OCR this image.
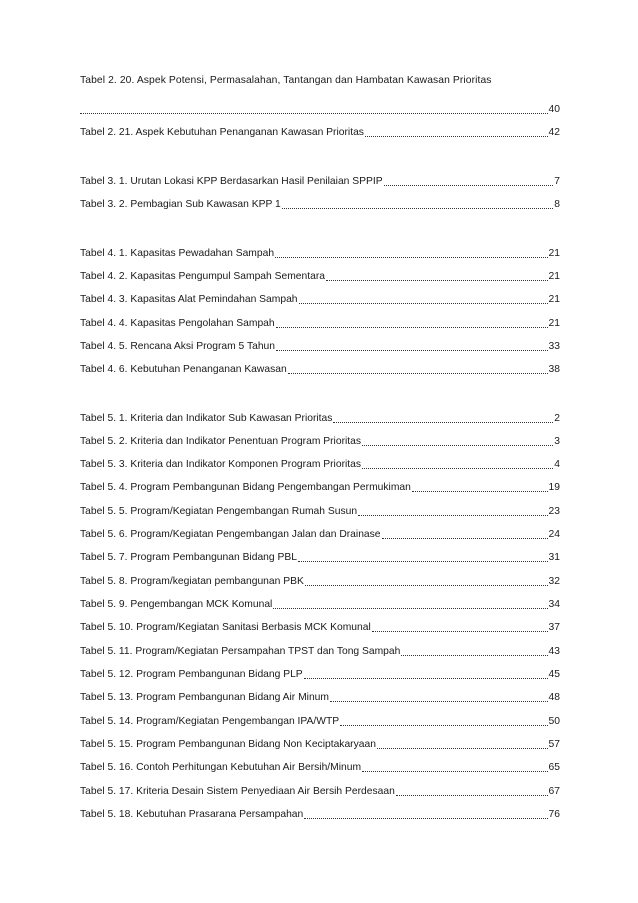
Tabel 2. 20. Aspek Potensi, Permasalahan, Tantangan dan Hambatan Kawasan Prioritas
40
Tabel 2. 21. Aspek Kebutuhan Penanganan Kawasan Prioritas	42
Tabel 3. 1. Urutan Lokasi KPP Berdasarkan Hasil Penilaian SPPIP	7
Tabel 3. 2. Pembagian Sub Kawasan KPP 1	8
Tabel 4. 1. Kapasitas Pewadahan Sampah	21
Tabel 4. 2. Kapasitas Pengumpul Sampah Sementara	21
Tabel 4. 3. Kapasitas Alat Pemindahan Sampah	21
Tabel 4. 4. Kapasitas Pengolahan Sampah	21
Tabel 4. 5. Rencana Aksi Program 5 Tahun	33
Tabel 4. 6. Kebutuhan Penanganan Kawasan	38
Tabel 5. 1. Kriteria dan Indikator Sub Kawasan Prioritas	2
Tabel 5. 2. Kriteria dan Indikator Penentuan Program Prioritas	3
Tabel 5. 3. Kriteria dan Indikator Komponen Program Prioritas	4
Tabel 5. 4. Program Pembangunan Bidang Pengembangan Permukiman	19
Tabel 5. 5. Program/Kegiatan Pengembangan Rumah Susun	23
Tabel 5. 6. Program/Kegiatan Pengembangan Jalan dan Drainase	24
Tabel 5. 7. Program Pembangunan Bidang PBL	31
Tabel 5. 8. Program/kegiatan pembangunan PBK	32
Tabel 5. 9. Pengembangan MCK Komunal	34
Tabel 5. 10. Program/Kegiatan Sanitasi Berbasis MCK Komunal	37
Tabel 5. 11. Program/Kegiatan Persampahan TPST dan Tong Sampah	43
Tabel 5. 12. Program Pembangunan Bidang PLP	45
Tabel 5. 13. Program Pembangunan Bidang Air Minum	48
Tabel 5. 14. Program/Kegiatan Pengembangan IPA/WTP	50
Tabel 5. 15. Program Pembangunan Bidang Non Keciptakaryaan	57
Tabel 5. 16. Contoh Perhitungan Kebutuhan Air Bersih/Minum	65
Tabel 5. 17. Kriteria Desain Sistem Penyediaan Air Bersih Perdesaan	67
Tabel 5. 18. Kebutuhan Prasarana Persampahan	76
